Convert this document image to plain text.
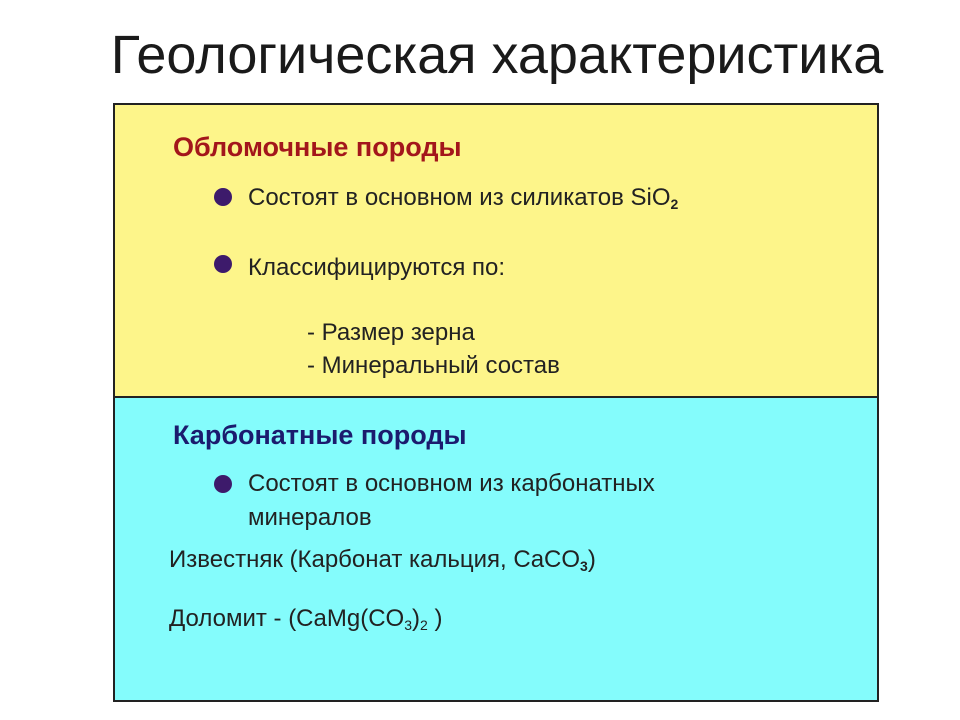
Геологическая характеристика
Обломочные породы
Состоят в основном из силикатов SiO$_2$
Классифицируются по:
- Размер зерна
- Минеральный состав
Карбонатные породы
Состоят в основном из карбонатных
минералов
Известняк (Карбонат кальция, CaCO$_3$)
Доломит - ($CaMg(CO_3)_2$ )
